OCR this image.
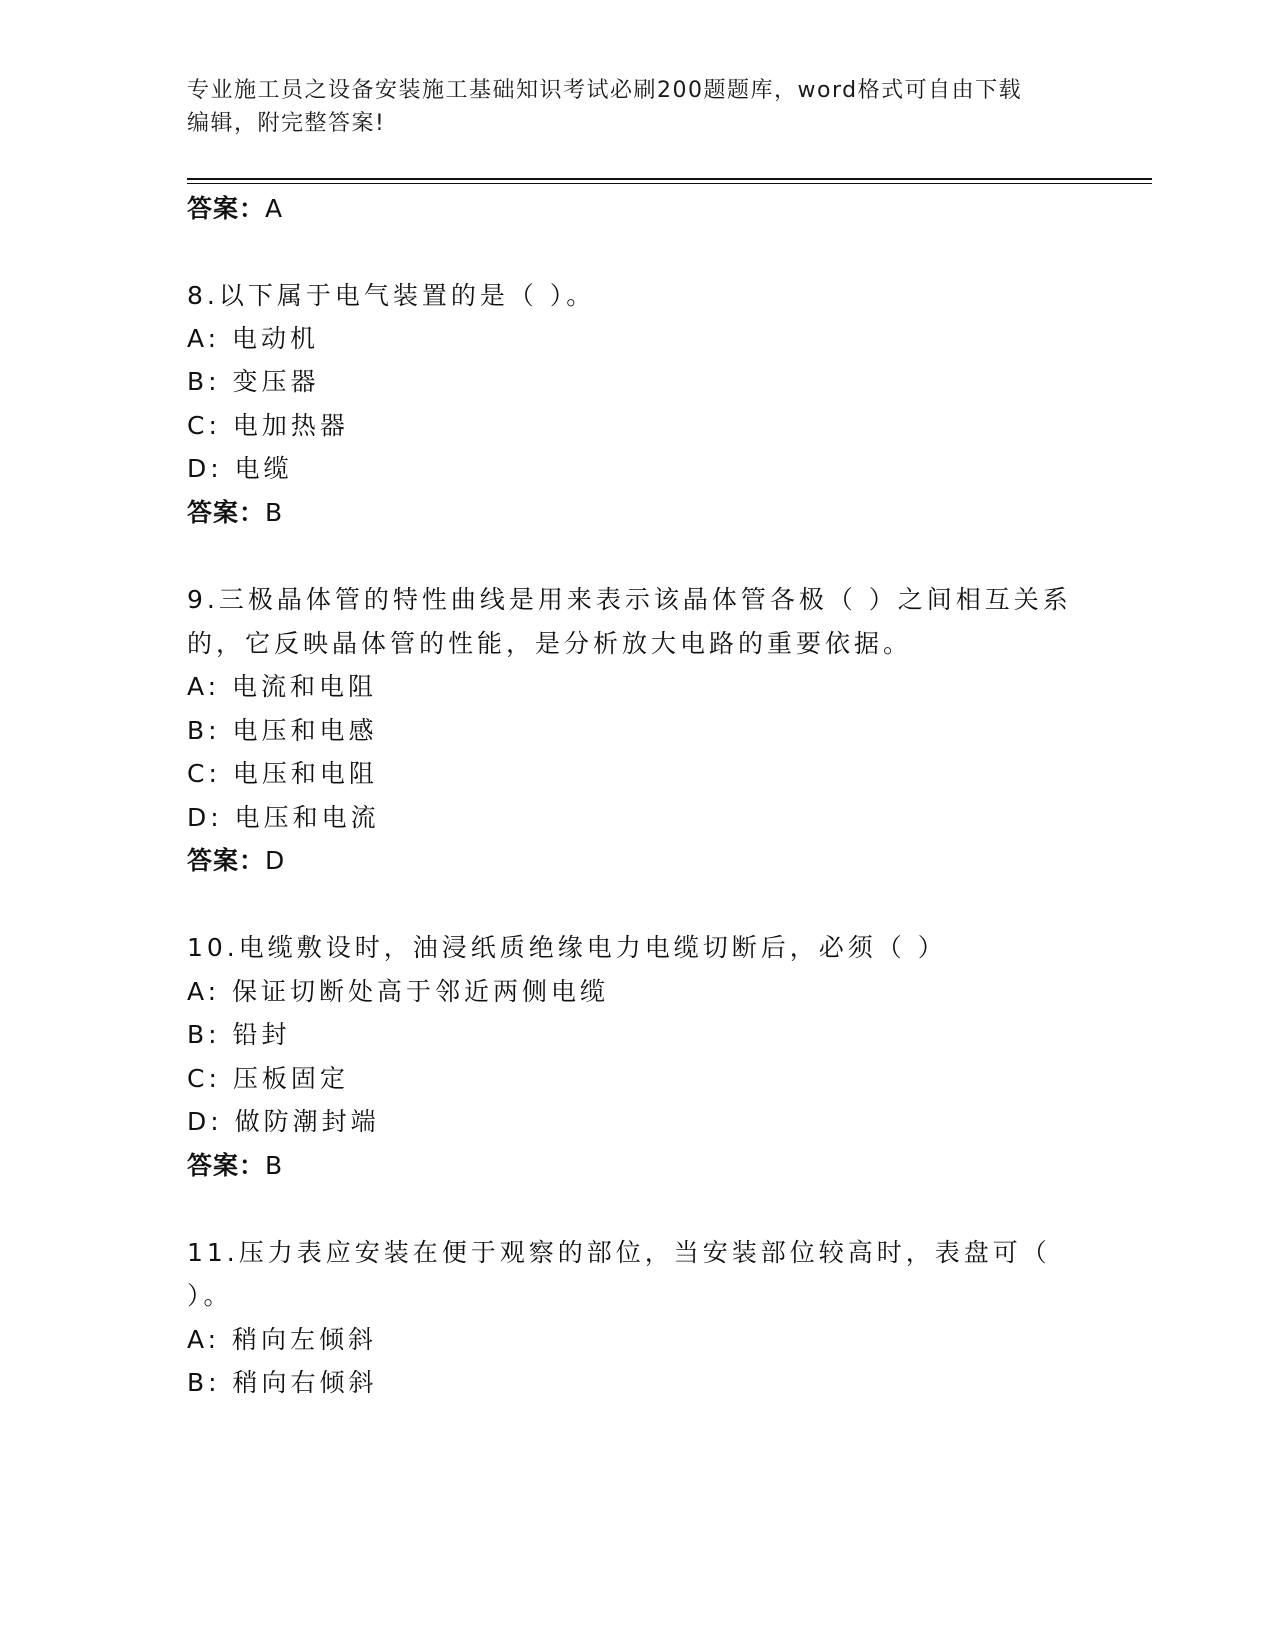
专业施工员之设备安装施工基础知识考试必刷200题题库，word格式可自由下载
编辑，附完整答案!
答案：A
8.以下属于电气装置的是（ ）。
A: 电动机
B: 变压器
C: 电加热器
D: 电缆
答案：B
9.三极晶体管的特性曲线是用来表示该晶体管各极（ ）之间相互关系
的，它反映晶体管的性能，是分析放大电路的重要依据。
A: 电流和电阻
B: 电压和电感
C: 电压和电阻
D: 电压和电流
答案：D
10.电缆敷设时，油浸纸质绝缘电力电缆切断后，必须（ ）
A: 保证切断处高于邻近两侧电缆
B: 铅封
C: 压板固定
D: 做防潮封端
答案：B
11.压力表应安装在便于观察的部位，当安装部位较高时，表盘可（
）。
A: 稍向左倾斜
B: 稍向右倾斜
